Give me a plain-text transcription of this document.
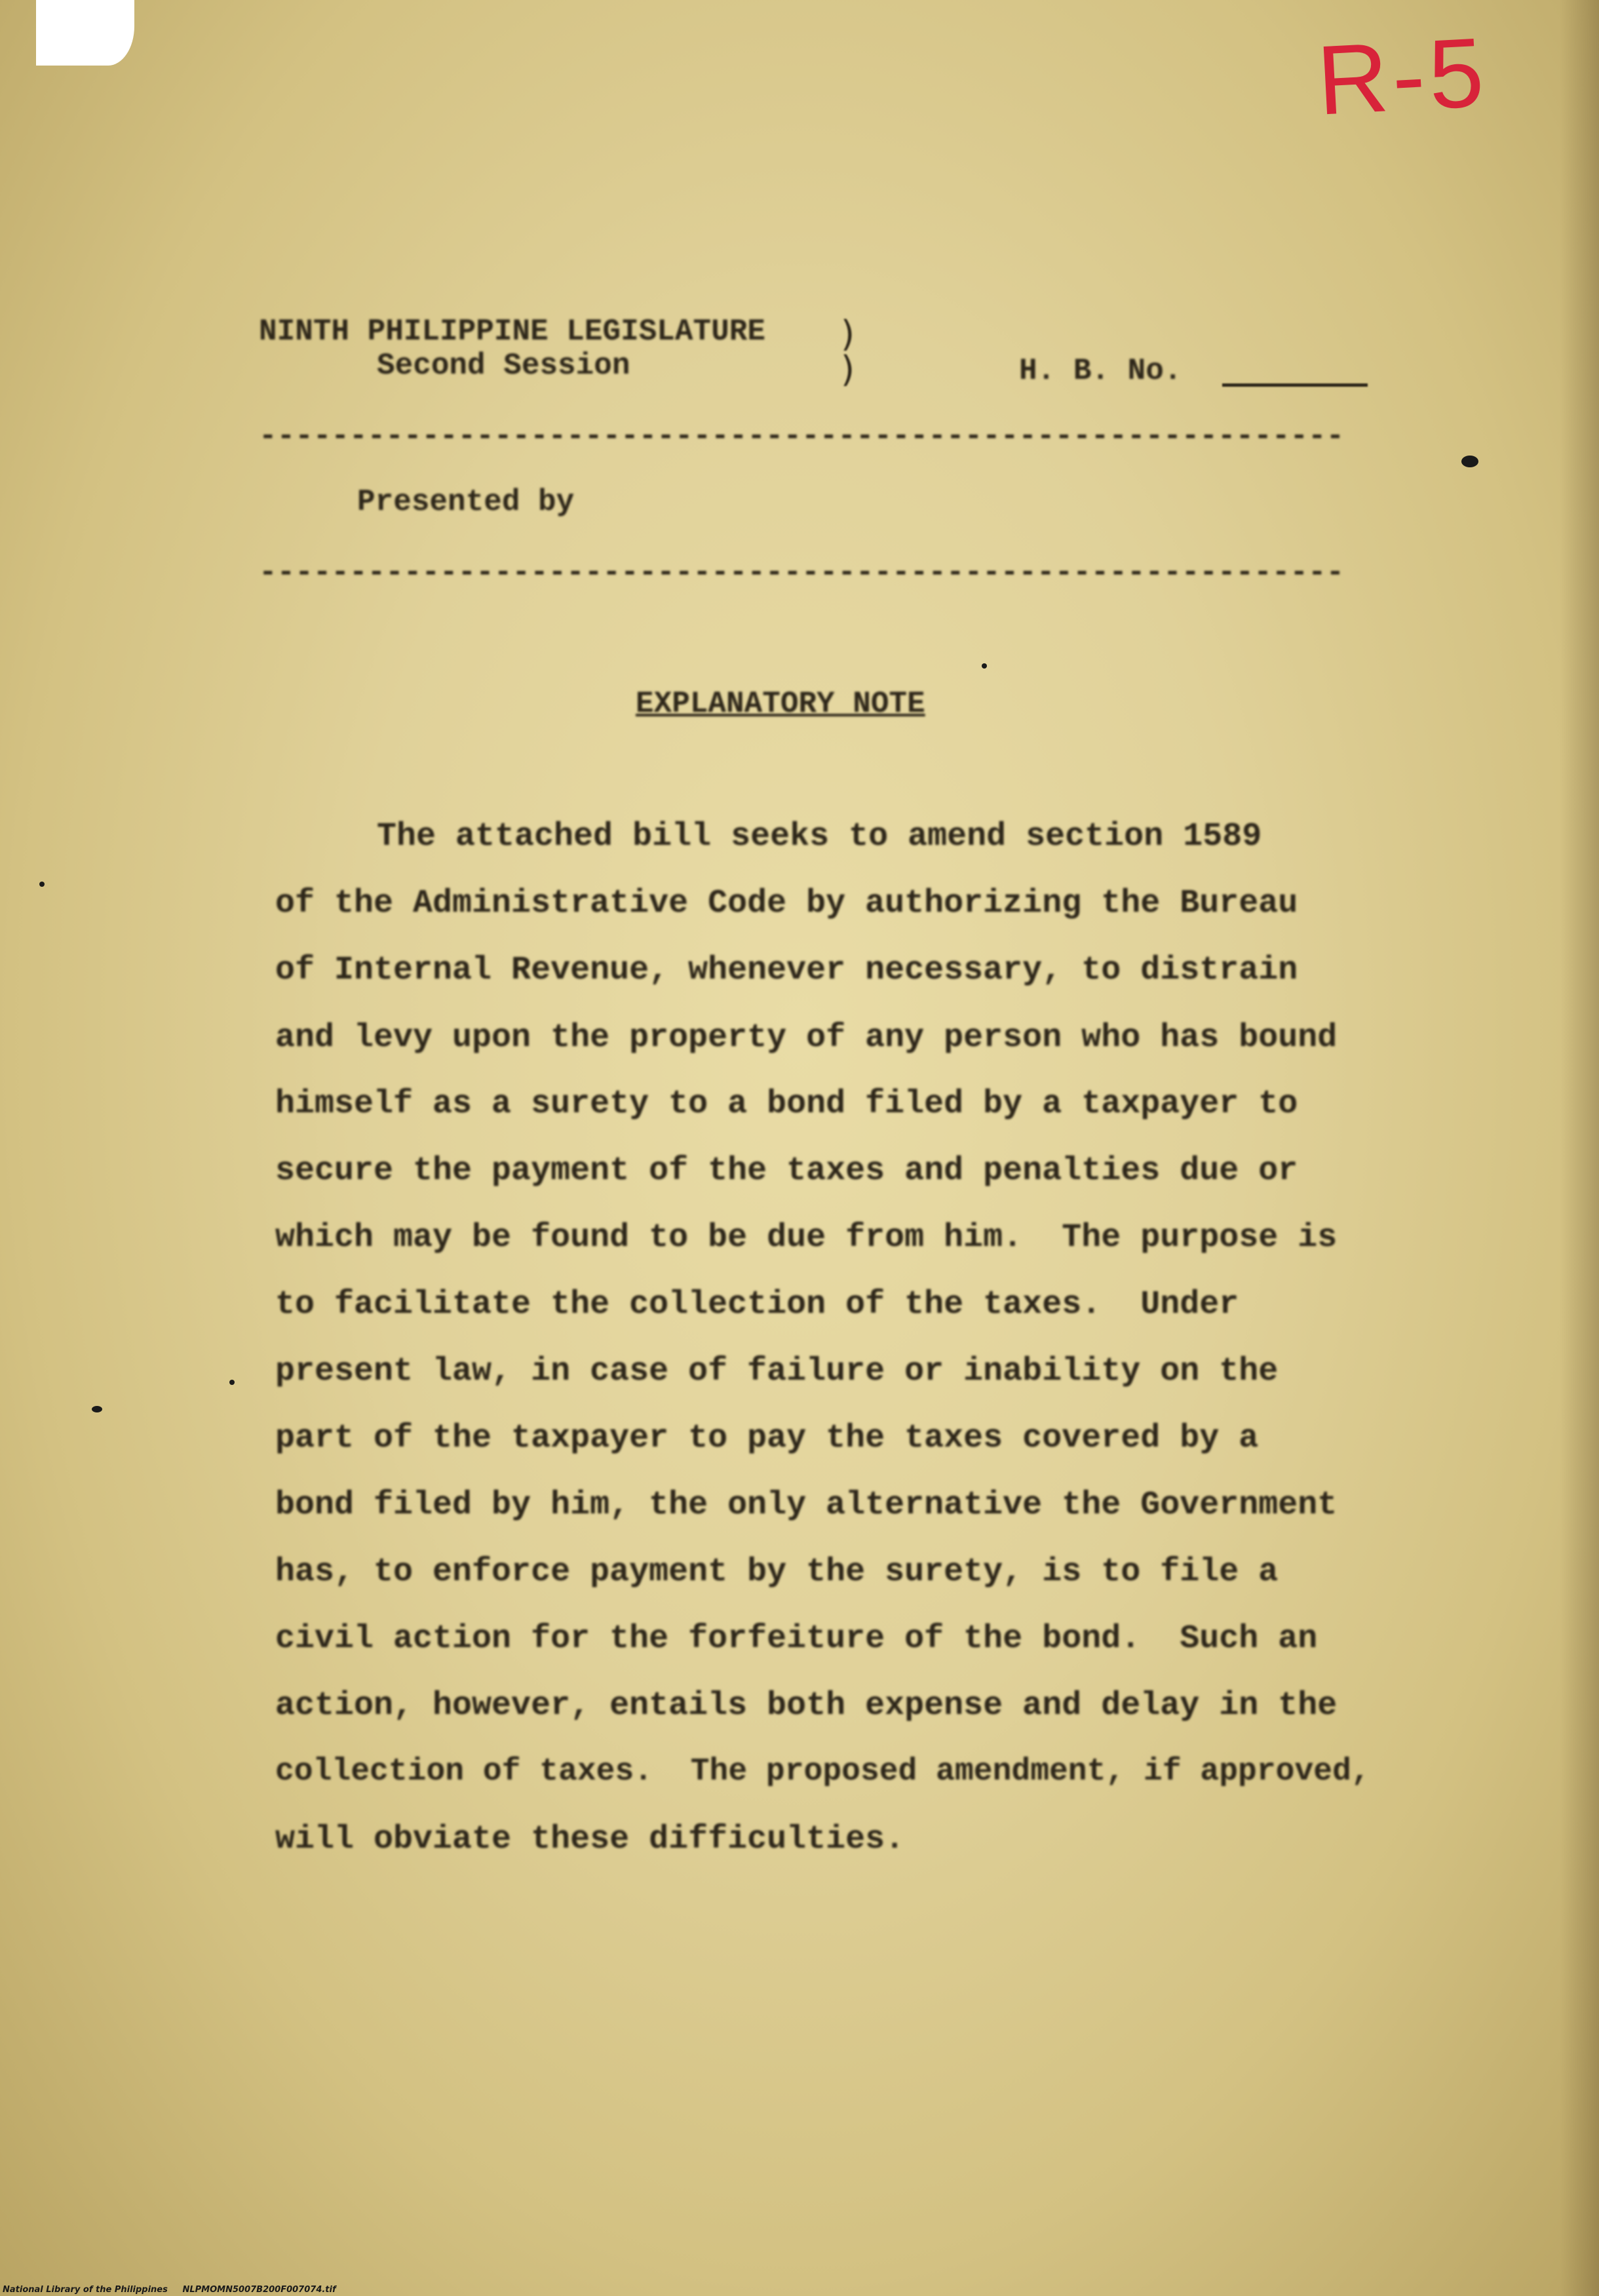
R-5
NINTH PHILIPPINE LEGISLATURE
Second Session
)
)	H. B. No.
------------------------------------------------------------
Presented by
------------------------------------------------------------
EXPLANATORY NOTE
The attached bill seeks to amend section 1589
of the Administrative Code by authorizing the Bureau
of Internal Revenue, whenever necessary, to distrain
and levy upon the property of any person who has bound
himself as a surety to a bond filed by a taxpayer to
secure the payment of the taxes and penalties due or
which may be found to be due from him.  The purpose is
to facilitate the collection of the taxes.  Under
present law, in case of failure or inability on the
part of the taxpayer to pay the taxes covered by a
bond filed by him, the only alternative the Government
has, to enforce payment by the surety, is to file a
civil action for the forfeiture of the bond.  Such an
action, however, entails both expense and delay in the
collection of taxes.  The proposed amendment, if approved,
will obviate these difficulties.
National Library of the Philippines     NLPMOMN5007B200F007074.tif
